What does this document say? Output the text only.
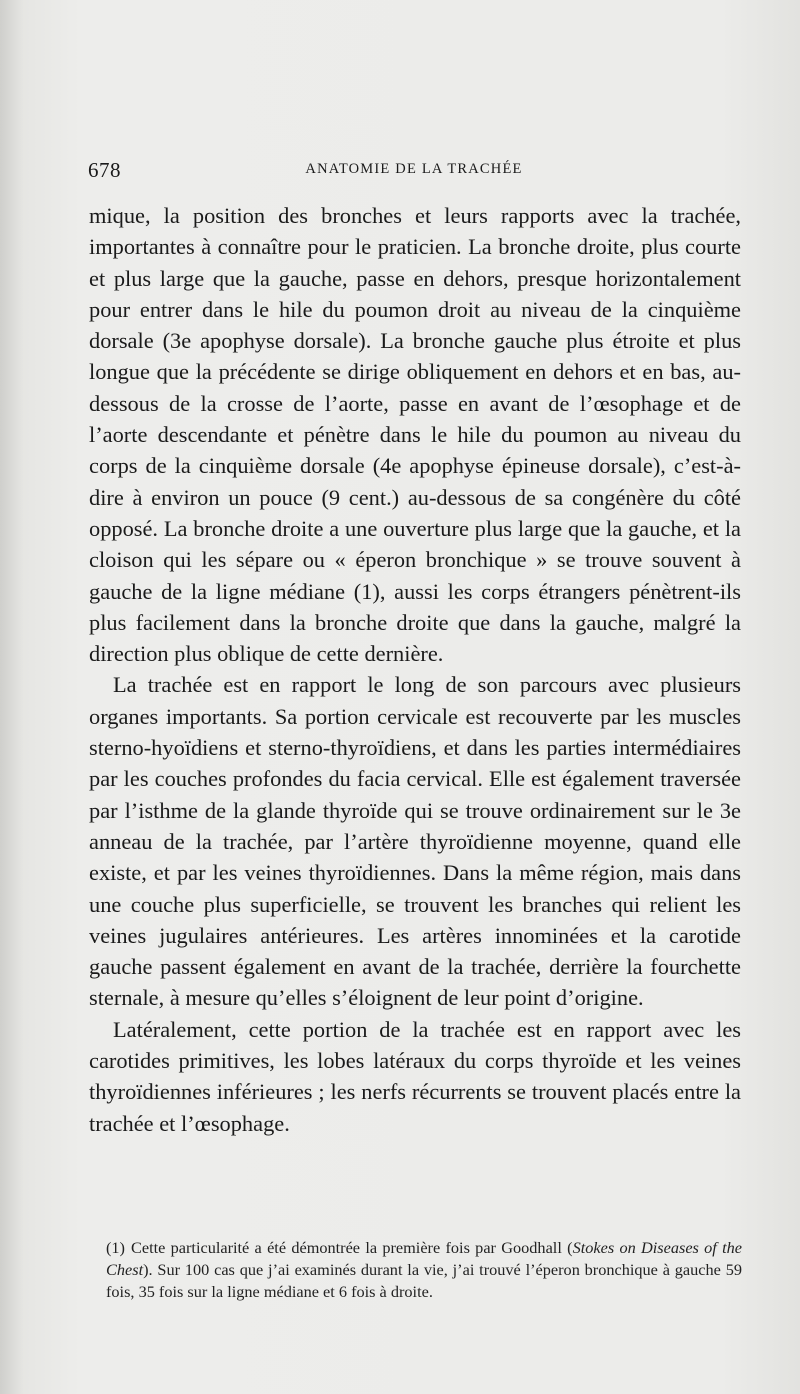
678	ANATOMIE DE LA TRACHÉE

mique, la position des bronches et leurs rapports avec la trachée, importantes à connaître pour le praticien. La bronche droite, plus courte et plus large que la gauche, passe en dehors, presque horizontalement pour entrer dans le hile du poumon droit au niveau de la cinquième dorsale (3e apophyse dorsale). La bronche gauche plus étroite et plus longue que la précédente se dirige obliquement en dehors et en bas, au-dessous de la crosse de l’aorte, passe en avant de l’œsophage et de l’aorte descendante et pénètre dans le hile du poumon au niveau du corps de la cinquième dorsale (4e apophyse épineuse dorsale), c’est-à-dire à environ un pouce (9 cent.) au-dessous de sa congénère du côté opposé. La bronche droite a une ouverture plus large que la gauche, et la cloison qui les sépare ou « éperon bronchique » se trouve souvent à gauche de la ligne médiane (1), aussi les corps étrangers pénètrent-ils plus facilement dans la bronche droite que dans la gauche, malgré la direction plus oblique de cette dernière.

La trachée est en rapport le long de son parcours avec plusieurs organes importants. Sa portion cervicale est recouverte par les muscles sterno-hyoïdiens et sterno-thyroïdiens, et dans les parties intermédiaires par les couches profondes du facia cervical. Elle est également traversée par l’isthme de la glande thyroïde qui se trouve ordinairement sur le 3e anneau de la trachée, par l’artère thyroïdienne moyenne, quand elle existe, et par les veines thyroïdiennes. Dans la même région, mais dans une couche plus superficielle, se trouvent les branches qui relient les veines jugulaires antérieures. Les artères innominées et la carotide gauche passent également en avant de la trachée, derrière la fourchette sternale, à mesure qu’elles s’éloignent de leur point d’origine.

Latéralement, cette portion de la trachée est en rapport avec les carotides primitives, les lobes latéraux du corps thyroïde et les veines thyroïdiennes inférieures ; les nerfs récurrents se trouvent placés entre la trachée et l’œsophage.

(1) Cette particularité a été démontrée la première fois par Goodhall (Stokes on Diseases of the Chest). Sur 100 cas que j’ai examinés durant la vie, j’ai trouvé l’éperon bronchique à gauche 59 fois, 35 fois sur la ligne médiane et 6 fois à droite.
